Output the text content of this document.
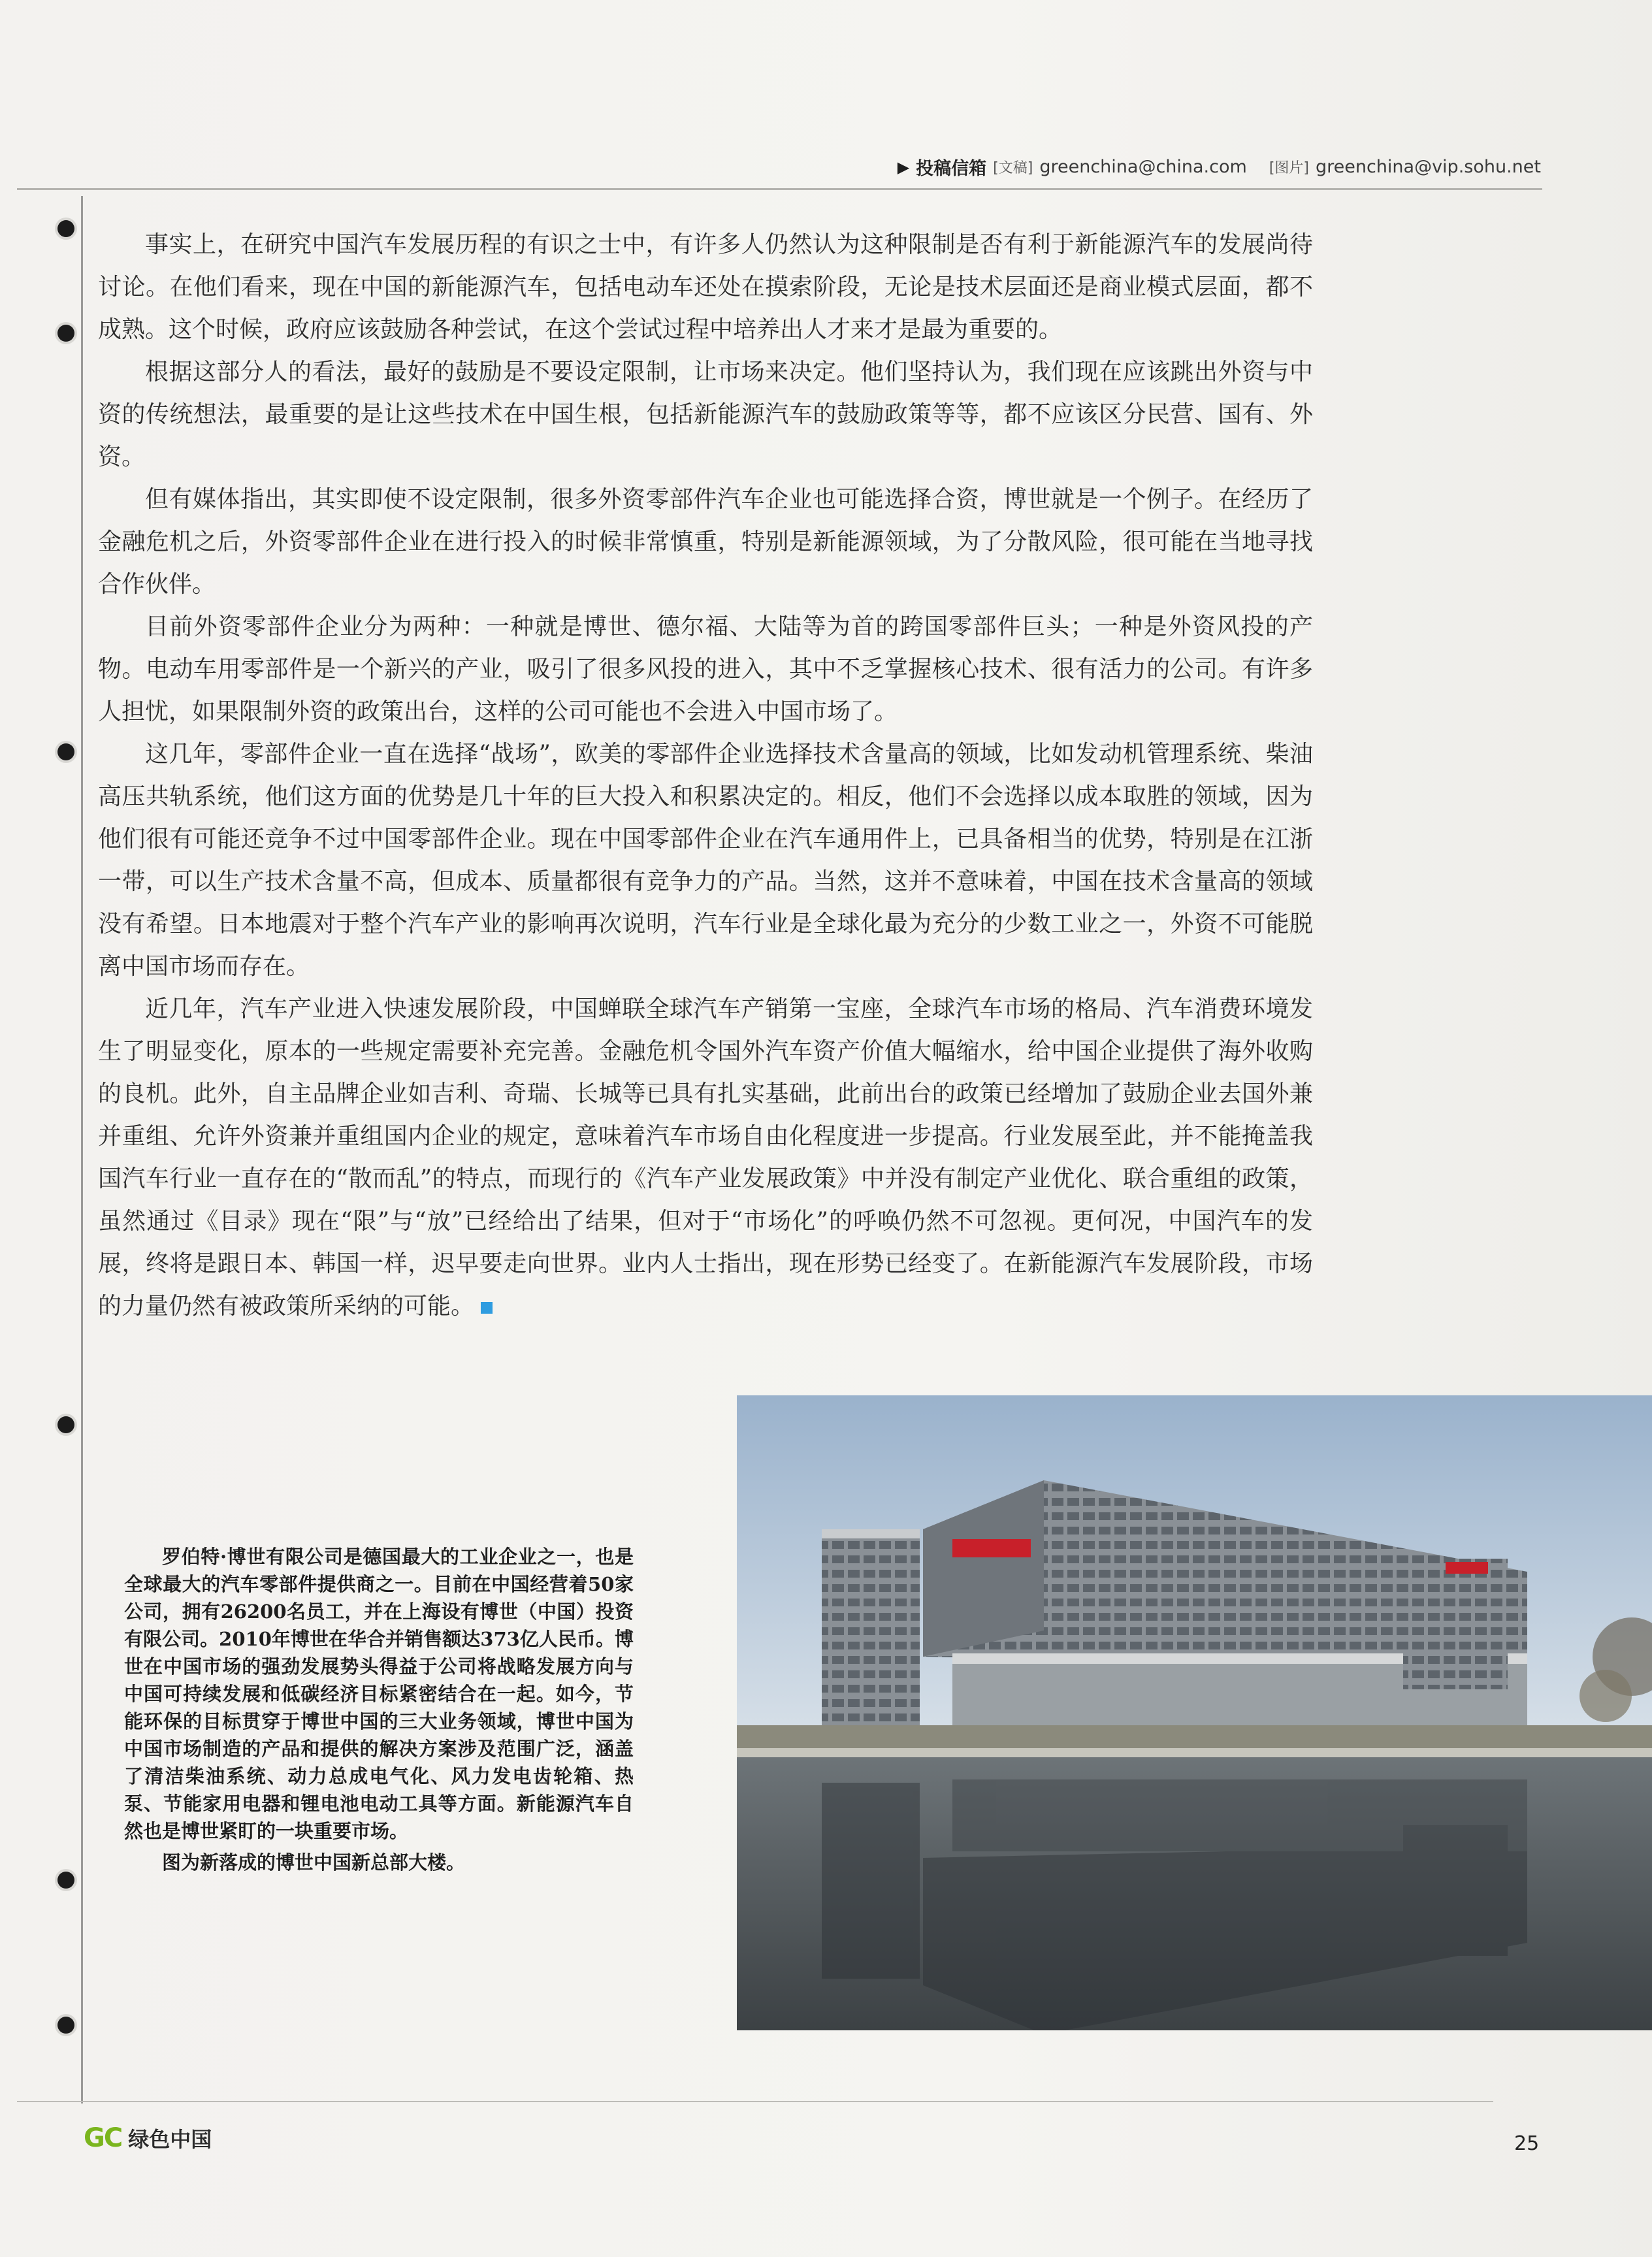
▶ 投稿信箱 [文稿] greenchina@china.com [图片] greenchina@vip.sohu.net

事实上，在研究中国汽车发展历程的有识之士中，有许多人仍然认为这种限制是否有利于新能源汽车的发展尚待讨论。在他们看来，现在中国的新能源汽车，包括电动车还处在摸索阶段，无论是技术层面还是商业模式层面，都不成熟。这个时候，政府应该鼓励各种尝试，在这个尝试过程中培养出人才来才是最为重要的。

根据这部分人的看法，最好的鼓励是不要设定限制，让市场来决定。他们坚持认为，我们现在应该跳出外资与中资的传统想法，最重要的是让这些技术在中国生根，包括新能源汽车的鼓励政策等等，都不应该区分民营、国有、外资。

但有媒体指出，其实即使不设定限制，很多外资零部件汽车企业也可能选择合资，博世就是一个例子。在经历了金融危机之后，外资零部件企业在进行投入的时候非常慎重，特别是新能源领域，为了分散风险，很可能在当地寻找合作伙伴。

目前外资零部件企业分为两种：一种就是博世、德尔福、大陆等为首的跨国零部件巨头；一种是外资风投的产物。电动车用零部件是一个新兴的产业，吸引了很多风投的进入，其中不乏掌握核心技术、很有活力的公司。有许多人担忧，如果限制外资的政策出台，这样的公司可能也不会进入中国市场了。

这几年，零部件企业一直在选择“战场”，欧美的零部件企业选择技术含量高的领域，比如发动机管理系统、柴油高压共轨系统，他们这方面的优势是几十年的巨大投入和积累决定的。相反，他们不会选择以成本取胜的领域，因为他们很有可能还竞争不过中国零部件企业。现在中国零部件企业在汽车通用件上，已具备相当的优势，特别是在江浙一带，可以生产技术含量不高，但成本、质量都很有竞争力的产品。当然，这并不意味着，中国在技术含量高的领域没有希望。日本地震对于整个汽车产业的影响再次说明，汽车行业是全球化最为充分的少数工业之一，外资不可能脱离中国市场而存在。

近几年，汽车产业进入快速发展阶段，中国蝉联全球汽车产销第一宝座，全球汽车市场的格局、汽车消费环境发生了明显变化，原本的一些规定需要补充完善。金融危机令国外汽车资产价值大幅缩水，给中国企业提供了海外收购的良机。此外，自主品牌企业如吉利、奇瑞、长城等已具有扎实基础，此前出台的政策已经增加了鼓励企业去国外兼并重组、允许外资兼并重组国内企业的规定，意味着汽车市场自由化程度进一步提高。行业发展至此，并不能掩盖我国汽车行业一直存在的“散而乱”的特点，而现行的《汽车产业发展政策》中并没有制定产业优化、联合重组的政策，虽然通过《目录》现在“限”与“放”已经给出了结果，但对于“市场化”的呼唤仍然不可忽视。更何况，中国汽车的发展，终将是跟日本、韩国一样，迟早要走向世界。业内人士指出，现在形势已经变了。在新能源汽车发展阶段，市场的力量仍然有被政策所采纳的可能。

罗伯特·博世有限公司是德国最大的工业企业之一，也是全球最大的汽车零部件提供商之一。目前在中国经营着50家公司，拥有26200名员工，并在上海设有博世（中国）投资有限公司。2010年博世在华合并销售额达373亿人民币。博世在中国市场的强劲发展势头得益于公司将战略发展方向与中国可持续发展和低碳经济目标紧密结合在一起。如今，节能环保的目标贯穿于博世中国的三大业务领域，博世中国为中国市场制造的产品和提供的解决方案涉及范围广泛，涵盖了清洁柴油系统、动力总成电气化、风力发电齿轮箱、热泵、节能家用电器和锂电池电动工具等方面。新能源汽车自然也是博世紧盯的一块重要市场。

图为新落成的博世中国新总部大楼。

GC 绿色中国	25
